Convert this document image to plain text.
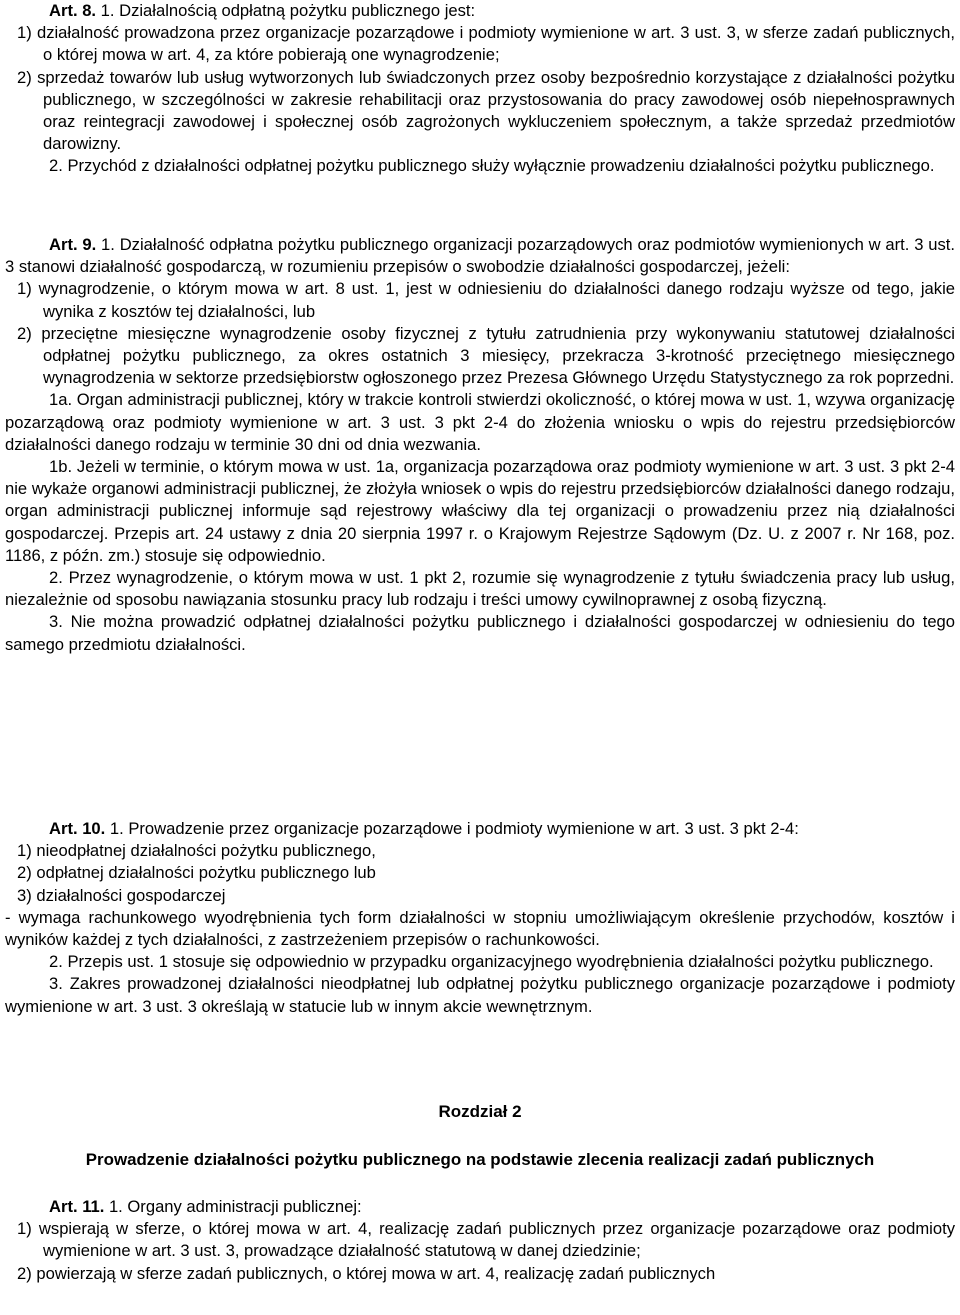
Art. 8. 1. Działalnością odpłatną pożytku publicznego jest:

1) działalność prowadzona przez organizacje pozarządowe i podmioty wymienione w art. 3 ust. 3, w sferze zadań publicznych, o której mowa w art. 4, za które pobierają one wynagrodzenie;

2) sprzedaż towarów lub usług wytworzonych lub świadczonych przez osoby bezpośrednio korzystające z działalności pożytku publicznego, w szczególności w zakresie rehabilitacji oraz przystosowania do pracy zawodowej osób niepełnosprawnych oraz reintegracji zawodowej i społecznej osób zagrożonych wykluczeniem społecznym, a także sprzedaż przedmiotów darowizny.

2. Przychód z działalności odpłatnej pożytku publicznego służy wyłącznie prowadzeniu działalności pożytku publicznego.

Art. 9. 1. Działalność odpłatna pożytku publicznego organizacji pozarządowych oraz podmiotów wymienionych w art. 3 ust. 3 stanowi działalność gospodarczą, w rozumieniu przepisów o swobodzie działalności gospodarczej, jeżeli:

1) wynagrodzenie, o którym mowa w art. 8 ust. 1, jest w odniesieniu do działalności danego rodzaju wyższe od tego, jakie wynika z kosztów tej działalności, lub

2) przeciętne miesięczne wynagrodzenie osoby fizycznej z tytułu zatrudnienia przy wykonywaniu statutowej działalności odpłatnej pożytku publicznego, za okres ostatnich 3 miesięcy, przekracza 3-krotność przeciętnego miesięcznego wynagrodzenia w sektorze przedsiębiorstw ogłoszonego przez Prezesa Głównego Urzędu Statystycznego za rok poprzedni.

1a. Organ administracji publicznej, który w trakcie kontroli stwierdzi okoliczność, o której mowa w ust. 1, wzywa organizację pozarządową oraz podmioty wymienione w art. 3 ust. 3 pkt 2-4 do złożenia wniosku o wpis do rejestru przedsiębiorców działalności danego rodzaju w terminie 30 dni od dnia wezwania.

1b. Jeżeli w terminie, o którym mowa w ust. 1a, organizacja pozarządowa oraz podmioty wymienione w art. 3 ust. 3 pkt 2-4 nie wykaże organowi administracji publicznej, że złożyła wniosek o wpis do rejestru przedsiębiorców działalności danego rodzaju, organ administracji publicznej informuje sąd rejestrowy właściwy dla tej organizacji o prowadzeniu przez nią działalności gospodarczej. Przepis art. 24 ustawy z dnia 20 sierpnia 1997 r. o Krajowym Rejestrze Sądowym (Dz. U. z 2007 r. Nr 168, poz. 1186, z późn. zm.) stosuje się odpowiednio.

2. Przez wynagrodzenie, o którym mowa w ust. 1 pkt 2, rozumie się wynagrodzenie z tytułu świadczenia pracy lub usług, niezależnie od sposobu nawiązania stosunku pracy lub rodzaju i treści umowy cywilnoprawnej z osobą fizyczną.

3. Nie można prowadzić odpłatnej działalności pożytku publicznego i działalności gospodarczej w odniesieniu do tego samego przedmiotu działalności.

Art. 10. 1. Prowadzenie przez organizacje pozarządowe i podmioty wymienione w art. 3 ust. 3 pkt 2-4:

1) nieodpłatnej działalności pożytku publicznego,

2) odpłatnej działalności pożytku publicznego lub

3) działalności gospodarczej

- wymaga rachunkowego wyodrębnienia tych form działalności w stopniu umożliwiającym określenie przychodów, kosztów i wyników każdej z tych działalności, z zastrzeżeniem przepisów o rachunkowości.

2. Przepis ust. 1 stosuje się odpowiednio w przypadku organizacyjnego wyodrębnienia działalności pożytku publicznego.

3. Zakres prowadzonej działalności nieodpłatnej lub odpłatnej pożytku publicznego organizacje pozarządowe i podmioty wymienione w art. 3 ust. 3 określają w statucie lub w innym akcie wewnętrznym.

Rozdział 2

Prowadzenie działalności pożytku publicznego na podstawie zlecenia realizacji zadań publicznych

Art. 11. 1. Organy administracji publicznej:

1) wspierają w sferze, o której mowa w art. 4, realizację zadań publicznych przez organizacje pozarządowe oraz podmioty wymienione w art. 3 ust. 3, prowadzące działalność statutową w danej dziedzinie;

2) powierzają w sferze zadań publicznych, o której mowa w art. 4, realizację zadań publicznych
